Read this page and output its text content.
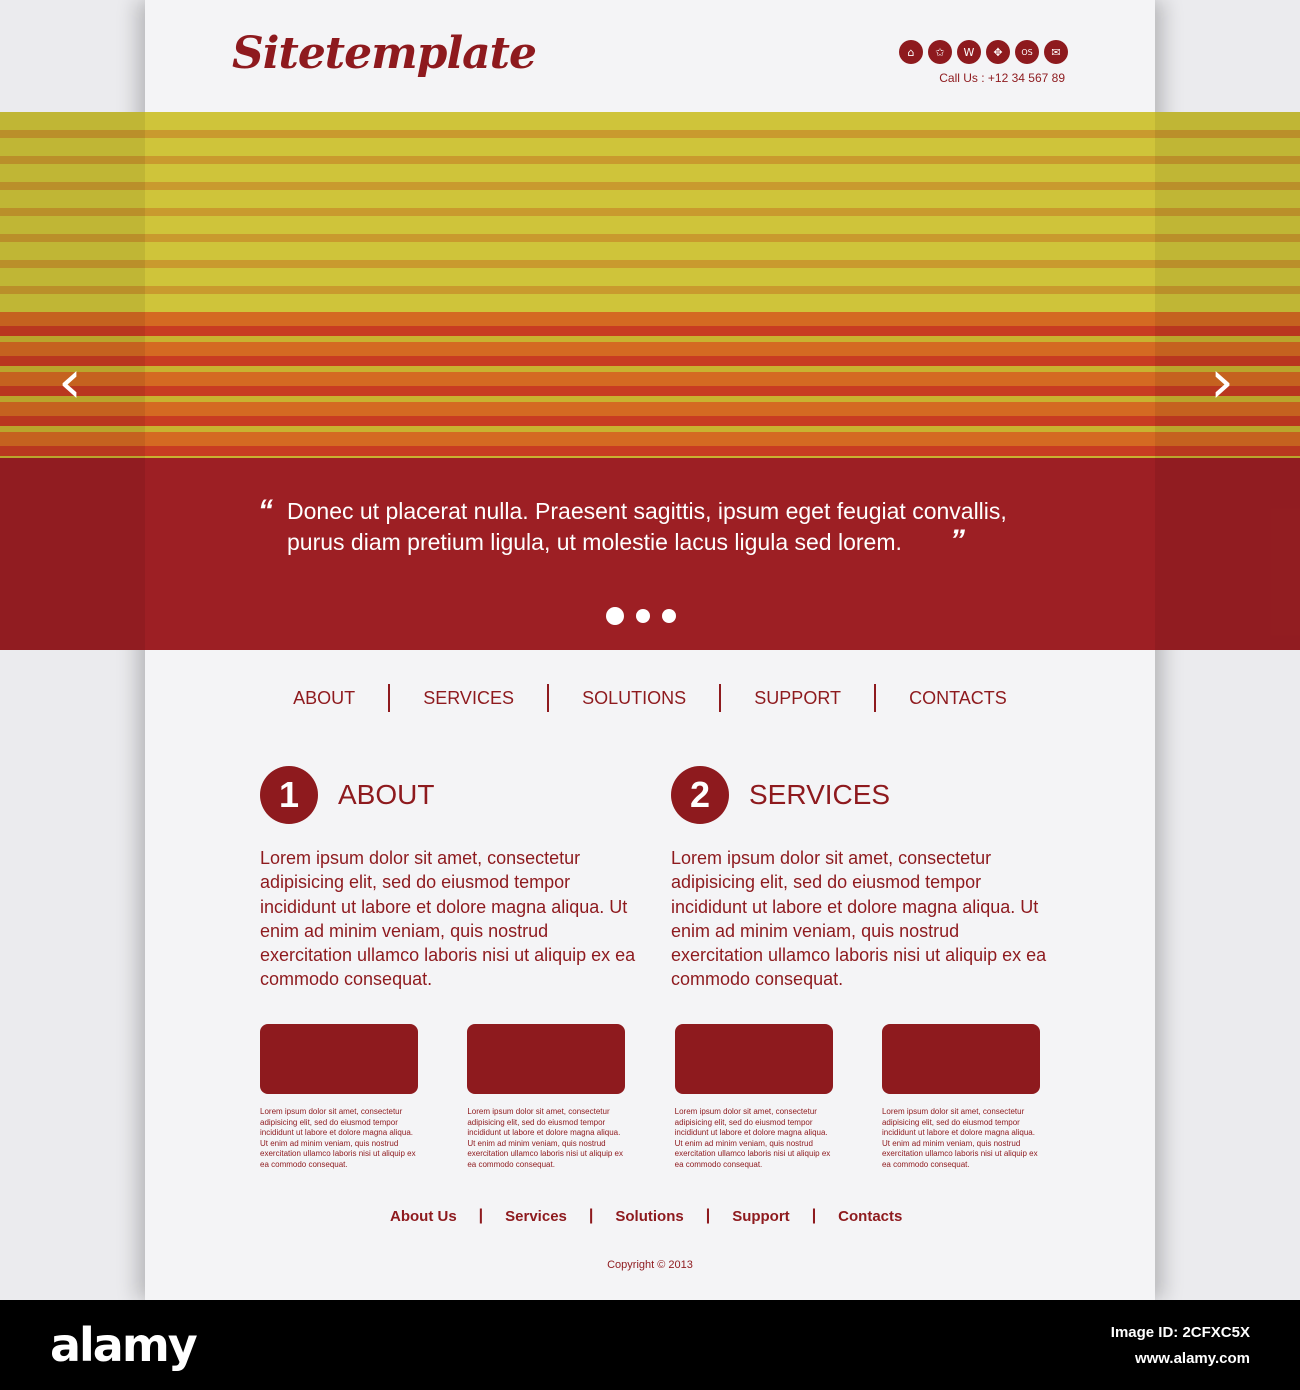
Sitetemplate	⌂	✩	W	✥	OS	✉
Call Us : +12 34 567 89
‹	›
“ Donec ut placerat nulla. Praesent sagittis, ipsum eget feugiat convallis, purus diam pretium ligula, ut molestie lacus ligula sed lorem.	”
ABOUT	SERVICES	SOLUTIONS	SUPPORT	CONTACTS
1	ABOUT

Lorem ipsum dolor sit amet, consectetur adipisicing elit, sed do eiusmod tempor incididunt ut labore et dolore magna aliqua. Ut enim ad minim veniam, quis nostrud exercitation ullamco laboris nisi ut aliquip ex ea commodo consequat.

2	SERVICES

Lorem ipsum dolor sit amet, consectetur adipisicing elit, sed do eiusmod tempor incididunt ut labore et dolore magna aliqua. Ut enim ad minim veniam, quis nostrud exercitation ullamco laboris nisi ut aliquip ex ea commodo consequat.

Lorem ipsum dolor sit amet, consectetur adipisicing elit, sed do eiusmod tempor incididunt ut labore et dolore magna aliqua. Ut enim ad minim veniam, quis nostrud exercitation ullamco laboris nisi ut aliquip ex ea commodo consequat.

Lorem ipsum dolor sit amet, consectetur adipisicing elit, sed do eiusmod tempor incididunt ut labore et dolore magna aliqua. Ut enim ad minim veniam, quis nostrud exercitation ullamco laboris nisi ut aliquip ex ea commodo consequat.

Lorem ipsum dolor sit amet, consectetur adipisicing elit, sed do eiusmod tempor incididunt ut labore et dolore magna aliqua. Ut enim ad minim veniam, quis nostrud exercitation ullamco laboris nisi ut aliquip ex ea commodo consequat.

Lorem ipsum dolor sit amet, consectetur adipisicing elit, sed do eiusmod tempor incididunt ut labore et dolore magna aliqua. Ut enim ad minim veniam, quis nostrud exercitation ullamco laboris nisi ut aliquip ex ea commodo consequat.

About Us | Services | Solutions | Support | Contacts
Copyright © 2013
alamy	Image ID: 2CFXC5X
www.alamy.com
